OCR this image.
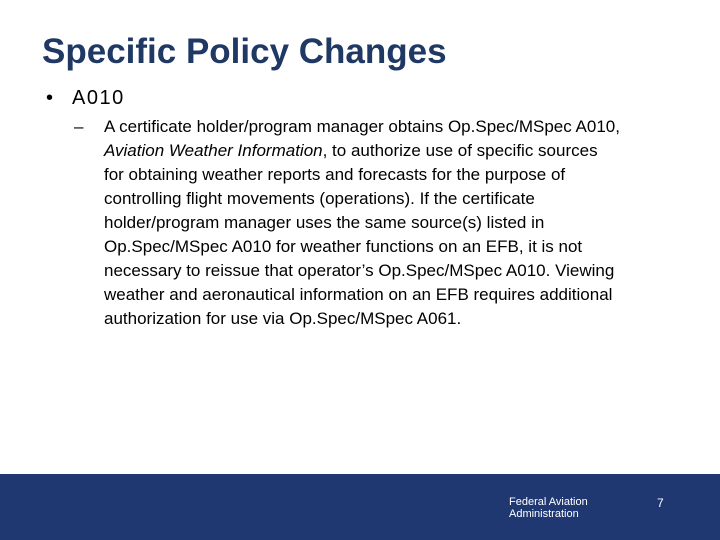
Specific Policy Changes
• A010
–	A certificate holder/program manager obtains Op.Spec/MSpec A010,
Aviation Weather Information, to authorize use of specific sources
for obtaining weather reports and forecasts for the purpose of
controlling flight movements (operations). If the certificate
holder/program manager uses the same source(s) listed in
Op.Spec/MSpec A010 for weather functions on an EFB, it is not
necessary to reissue that operator’s Op.Spec/MSpec A010. Viewing
weather and aeronautical information on an EFB requires additional
authorization for use via Op.Spec/MSpec A061.
Federal Aviation
Administration
7
